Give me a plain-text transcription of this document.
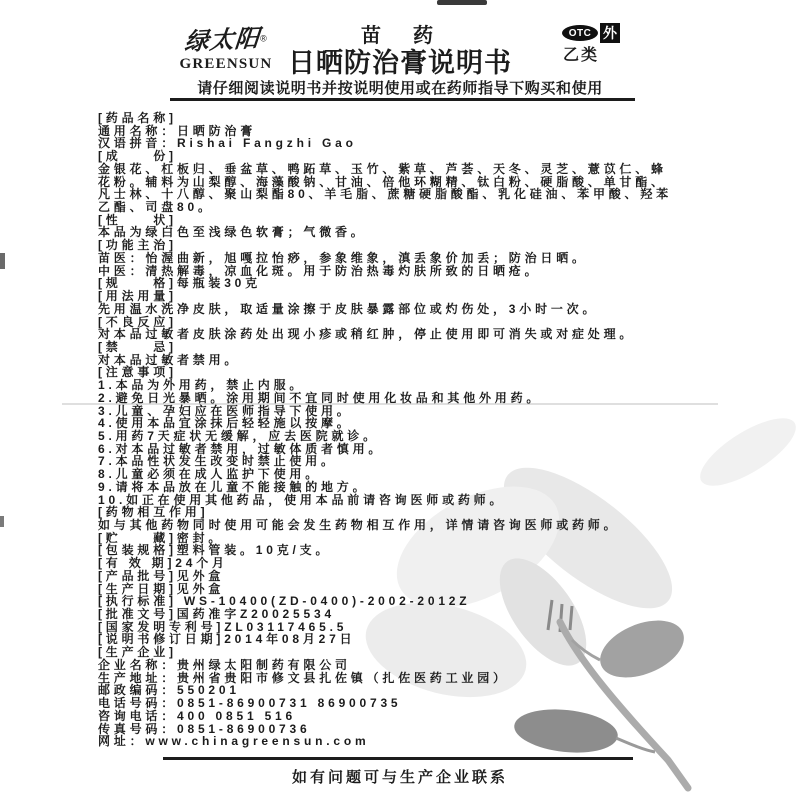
绿太阳®
GREENSUN
苗　药
日晒防治膏说明书
OTC 外
乙类
请仔细阅读说明书并按说明使用或在药师指导下购买和使用
[药品名称]
通用名称：日晒防治膏
汉语拼音：Rishai Fangzhi Gao
[成　　份]
金银花、杠板归、垂盆草、鸭跖草、玉竹、紫草、芦荟、天冬、灵芝、薏苡仁、蜂
花粉。辅料为山梨醇、海藻酸钠、甘油、倍他环糊精、钛白粉、硬脂酸、单甘酯、
凡士林、十八醇、聚山梨酯80、羊毛脂、蔗糖硬脂酸酯、乳化硅油、苯甲酸、羟苯
乙酯、司盘80。
[性　　状]
本品为绿白色至浅绿色软膏；气微香。
[功能主治]
苗医：怡渥曲新，旭嘎拉怡痧，参象维象，滇丢象价加丢；防治日晒。
中医：清热解毒，凉血化斑。用于防治热毒灼肤所致的日晒疮。
[规　　格]每瓶装30克
[用法用量]
先用温水洗净皮肤，取适量涂擦于皮肤暴露部位或灼伤处，3小时一次。
[不良反应]
对本品过敏者皮肤涂药处出现小疹或稍红肿，停止使用即可消失或对症处理。
[禁　　忌]
对本品过敏者禁用。
[注意事项]
1.本品为外用药，禁止内服。
2.避免日光暴晒。涂用期间不宜同时使用化妆品和其他外用药。
3.儿童、孕妇应在医师指导下使用。
4.使用本品宜涂抹后轻轻施以按摩。
5.用药7天症状无缓解，应去医院就诊。
6.对本品过敏者禁用，过敏体质者慎用。
7.本品性状发生改变时禁止使用。
8.儿童必须在成人监护下使用。
9.请将本品放在儿童不能接触的地方。
10.如正在使用其他药品，使用本品前请咨询医师或药师。
[药物相互作用]
如与其他药物同时使用可能会发生药物相互作用，详情请咨询医师或药师。
[贮　　藏]密封。
[包装规格]塑料管装。10克/支。
[有 效 期]24个月
[产品批号]见外盒
[生产日期]见外盒
[执行标准] WS-10400(ZD-0400)-2002-2012Z
[批准文号]国药准字Z20025534
[国家发明专利号]ZL03117465.5
[说明书修订日期]2014年08月27日
[生产企业]
企业名称：贵州绿太阳制药有限公司
生产地址：贵州省贵阳市修文县扎佐镇（扎佐医药工业园）
邮政编码：550201
电话号码：0851-86900731 86900735
咨询电话：400 0851 516
传真号码：0851-86900736
网址：www.chinagreensun.com
如有问题可与生产企业联系
